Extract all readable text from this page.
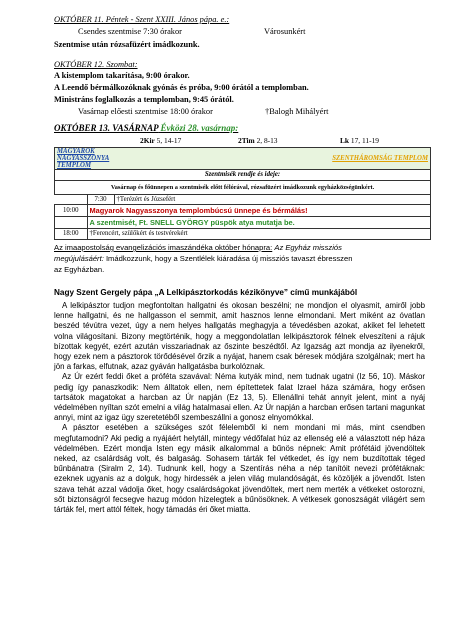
OKTÓBER 11. Péntek - Szent XXIII. János pápa. e.:
Csendes szentmise 7:30 órakor	Városunkért
Szentmise után rózsafüzért imádkozunk.
OKTÓBER 12. Szombat:
A kistemplom takarítása, 9:00 órakor.
A Leendő bérmálkozóknak gyónás és próba, 9:00 órától a templomban.
Ministráns foglalkozás a templomban, 9:45 órától.
Vasárnap előesti szentmise 18:00 órakor	†Balogh Mihályért
OKTÓBER 13. VASÁRNAP Évközi 28. vasárnap:
2Kir 5, 14-17	2Tim 2, 8-13	Lk 17, 11-19
MAGYAROK NAGYASSZONYA TEMPLOM		SZENTHÁROMSÁG TEMPLOM
Szentmisék rendje és ideje:		
Vasárnap és főünnepen a szentmisék előtt félórával, rózsafüzért imádkozunk egyházközségünkért.		
	7:30	†Terézért és Józsefért
10:00	Magyarok Nagyasszonya templombúcsú ünnepe és bérmálás!	
	A szentmisét, Ft. SNELL GYÖRGY püspök atya mutatja be.	
18:00	†Ferencért, szülőkért és testvérekért	
Az imaapostolság evangelizációs imaszándéka október hónapra: Az Egyház missziós
megújulásáért: Imádkozzunk, hogy a Szentlélek kiáradása új missziós tavaszt ébresszen
az Egyházban.
Nagy Szent Gergely pápa „A Lelkipásztorkodás kézikönyve” című munkájából

A lelkipásztor tudjon megfontoltan hallgatni és okosan beszélni; ne mondjon el olyasmit, amiről jobb lenne hallgatni, és ne hallgasson el semmit, amit hasznos lenne elmondani. Mert miként az óvatlan beszéd tévútra vezet, úgy a nem helyes hallgatás meghagyja a tévedésben azokat, akiket fel lehetett volna világosítani. Bizony megtörténik, hogy a meggondolatlan lelkipásztorok félnek elveszíteni a rájuk bízottak kegyét, ezért azután visszariadnak az őszinte beszédtől. Az Igazság azt mondja az ilyenekről, hogy ezek nem a pásztorok törődésével őrzik a nyájat, hanem csak béresek módjára szolgálnak; mert ha jön a farkas, elfutnak, azaz gyáván hallgatásba burkolóznak.

Az Úr ezért feddi őket a próféta szavával: Néma kutyák mind, nem tudnak ugatni (Iz 56, 10). Máskor pedig így panaszkodik: Nem álltatok ellen, nem építettetek falat Izrael háza számára, hogy erősen tartsátok magatokat a harcban az Úr napján (Ez 13, 5). Ellenállni tehát annyit jelent, mint a nyáj védelmében nyíltan szót emelni a világ hatalmasai ellen. Az Úr napján a harcban erősen tartani magunkat annyi, mint az igaz ügy szeretetéből szembeszállni a gonosz elnyomókkal.

A pásztor esetében a szükséges szót félelemből ki nem mondani mi más, mint csendben megfutamodni? Aki pedig a nyájáért helytáll, mintegy védőfalat húz az ellenség elé a választott nép háza védelmében. Ezért mondja Isten egy másik alkalommal a bűnös népnek: Amit prófétáid jövendöltek neked, az csalárdság volt, és balgaság. Sohasem tárták fel vétkedet, és így nem buzdítottak téged bűnbánatra (Siralm 2, 14). Tudnunk kell, hogy a Szentírás néha a nép tanítóit nevezi prófétáknak: ezeknek ugyanis az a dolguk, hogy hirdessék a jelen világ mulandóságát, és közöljék a jövendőt. Isten szava tehát azzal vádolja őket, hogy csalárdságokat jövendöltek, mert nem merték a vétkeket ostorozni, sőt biztonságról fecsegve hazug módon hízelegtek a bűnösöknek. A vétkesek gonoszságát világért sem tárták fel, mert attól féltek, hogy támadás éri őket miatta.
